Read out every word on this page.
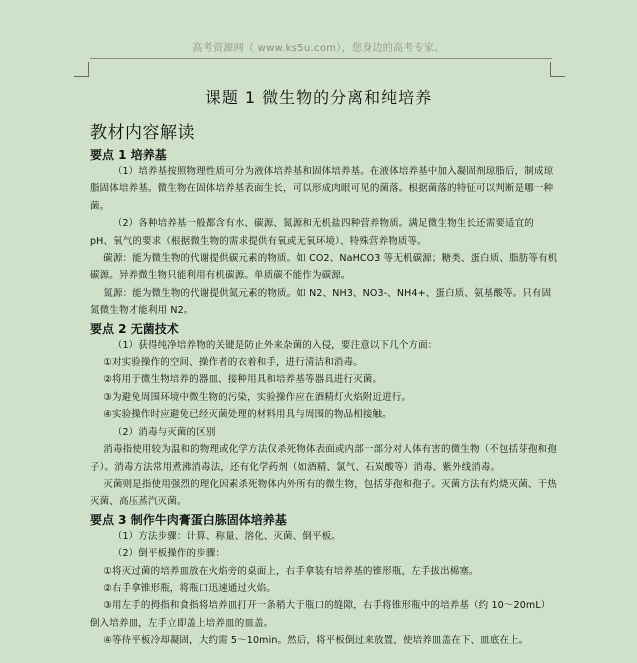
高考资源网（ www.ks5u.com），您身边的高考专家。
课题 1 微生物的分离和纯培养
教材内容解读
要点 1 培养基
（1）培养基按照物理性质可分为液体培养基和固体培养基。在液体培养基中加入凝固剂琼脂后，制成琼脂固体培养基。微生物在固体培养基表面生长，可以形成肉眼可见的菌落。根据菌落的特征可以判断是哪一种菌。
（2）各种培养基一般都含有水、碳源、氮源和无机盐四种营养物质。满足微生物生长还需要适宜的 pH、氧气的要求（根据微生物的需求提供有氧或无氧环境）、特殊营养物质等。
碳源：能为微生物的代谢提供碳元素的物质。如 CO2、NaHCO3 等无机碳源；糖类、蛋白质、脂肪等有机碳源。异养微生物只能利用有机碳源。单质碳不能作为碳源。
氮源：能为微生物的代谢提供氮元素的物质。如 N2、NH3、NO3-、NH4+、蛋白质、氨基酸等。只有固氮微生物才能利用 N2。
要点 2 无菌技术
（1）获得纯净培养物的关键是防止外来杂菌的入侵，要注意以下几个方面：
①对实验操作的空间、操作者的衣着和手，进行清洁和消毒。
②将用于微生物培养的器皿、接种用具和培养基等器具进行灭菌。
③为避免周围环境中微生物的污染，实验操作应在酒精灯火焰附近进行。
④实验操作时应避免已经灭菌处理的材料用具与周围的物品相接触。
（2）消毒与灭菌的区别
消毒指使用较为温和的物理或化学方法仅杀死物体表面或内部一部分对人体有害的微生物（不包括芽孢和孢子）。消毒方法常用煮沸消毒法，还有化学药剂（如酒精、氯气、石炭酸等）消毒、紫外线消毒。
灭菌则是指使用强烈的理化因素杀死物体内外所有的微生物，包括芽孢和孢子。灭菌方法有灼烧灭菌、干热灭菌、高压蒸汽灭菌。
要点 3 制作牛肉膏蛋白胨固体培养基
（1）方法步骤：计算、称量、溶化、灭菌、倒平板。
（2）倒平板操作的步骤：
①将灭过菌的培养皿放在火焰旁的桌面上，右手拿装有培养基的锥形瓶，左手拔出棉塞。
②右手拿锥形瓶，将瓶口迅速通过火焰。
③用左手的拇指和食指将培养皿打开一条稍大于瓶口的缝隙，右手将锥形瓶中的培养基（约 10～20mL）倒入培养皿，左手立即盖上培养皿的皿盖。
④等待平板冷却凝固，大约需 5～10min。然后，将平板倒过来放置，使培养皿盖在下、皿底在上。
